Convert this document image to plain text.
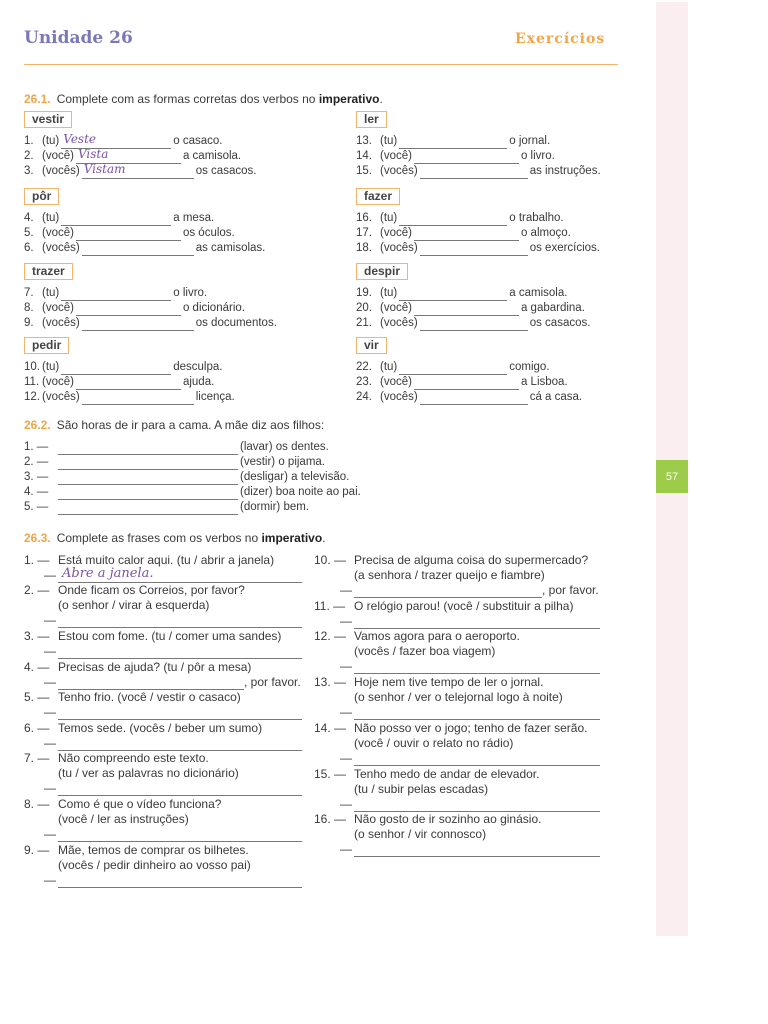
57
Unidade 26	Exercícios
26.1. Complete com as formas corretas dos verbos no imperativo.
vestir
1. (tu) Veste	o casaco.
2. (você) Vista	a camisola.
3. (vocês) Vistam	os casacos.
ler
13. (tu)	o jornal.
14. (você)	o livro.
15. (vocês)	as instruções.
pôr
4. (tu)	a mesa.
5. (você)	os óculos.
6. (vocês)	as camisolas.
fazer
16. (tu)	o trabalho.
17. (você)	o almoço.
18. (vocês)	os exercícios.
trazer
7. (tu)	o livro.
8. (você)	o dicionário.
9. (vocês)	os documentos.
despir
19. (tu)	a camisola.
20. (você)	a gabardina.
21. (vocês)	os casacos.
pedir
10. (tu)	desculpa.
11. (você)	ajuda.
12. (vocês)	licença.
vir
22. (tu)	comigo.
23. (você)	a Lisboa.
24. (vocês)	cá a casa.
26.2. São horas de ir para a cama. A mãe diz aos filhos:
1. —	(lavar) os dentes.
2. —	(vestir) o pijama.
3. —	(desligar) a televisão.
4. —	(dizer) boa noite ao pai.
5. —	(dormir) bem.
26.3. Complete as frases com os verbos no imperativo.
1. — Está muito calor aqui. (tu / abrir a janela)
— Abre a janela.
2. — Onde ficam os Correios, por favor?
(o senhor / virar à esquerda)
—
3. — Estou com fome. (tu / comer uma sandes)
—
4. — Precisas de ajuda? (tu / pôr a mesa)
—	, por favor.
5. — Tenho frio. (você / vestir o casaco)
—
6. — Temos sede. (vocês / beber um sumo)
—
7. — Não compreendo este texto.
(tu / ver as palavras no dicionário)
—
8. — Como é que o vídeo funciona?
(você / ler as instruções)
—
9. — Mãe, temos de comprar os bilhetes.
(vocês / pedir dinheiro ao vosso pai)
—
10. — Precisa de alguma coisa do supermercado?
(a senhora / trazer queijo e fiambre)
—	, por favor.
11. — O relógio parou! (você / substituir a pilha)
—
12. — Vamos agora para o aeroporto.
(vocês / fazer boa viagem)
—
13. — Hoje nem tive tempo de ler o jornal.
(o senhor / ver o telejornal logo à noite)
—
14. — Não posso ver o jogo; tenho de fazer serão.
(você / ouvir o relato no rádio)
—
15. — Tenho medo de andar de elevador.
(tu / subir pelas escadas)
—
16. — Não gosto de ir sozinho ao ginásio.
(o senhor / vir connosco)
—
